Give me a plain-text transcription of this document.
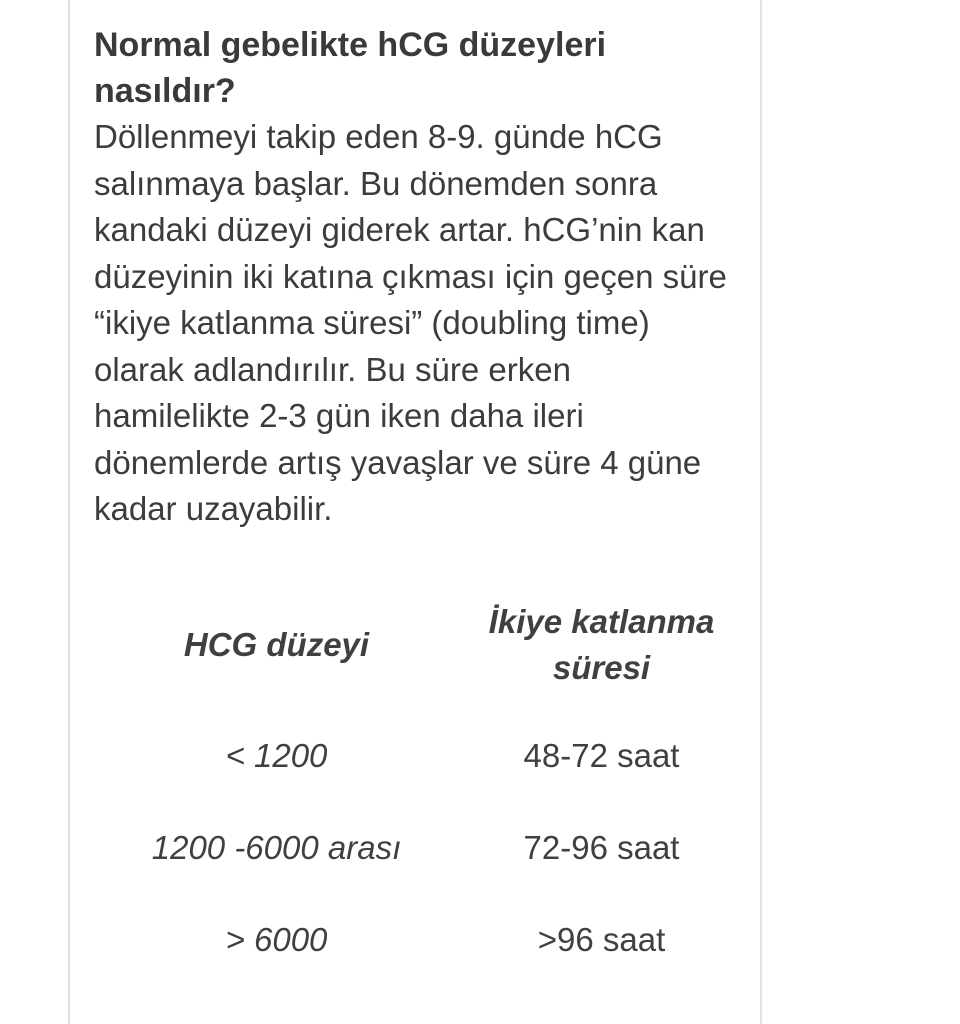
Normal gebelikte hCG düzeyleri nasıldır?

Döllenmeyi takip eden 8-9. günde hCG salınmaya başlar. Bu dönemden sonra kandaki düzeyi giderek artar. hCG’nin kan düzeyinin iki katına çıkması için geçen süre “ikiye katlanma süresi” (doubling time) olarak adlandırılır. Bu süre erken hamilelikte 2-3 gün iken daha ileri dönemlerde artış yavaşlar ve süre 4 güne kadar uzayabilir.

HCG düzeyi	İkiye katlanma süresi
< 1200	48-72 saat
1200 -6000 arası	72-96 saat
> 6000	>96 saat
